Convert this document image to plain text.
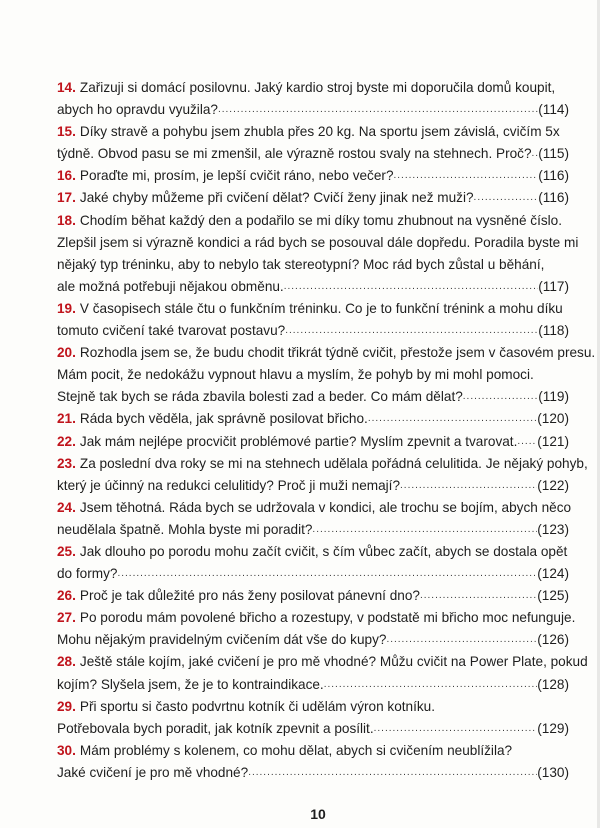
14. Zařizuji si domácí posilovnu. Jaký kardio stroj byste mi doporučila domů koupit,
abych ho opravdu využila? .....	(114)
15. Díky stravě a pohybu jsem zhubla přes 20 kg. Na sportu jsem závislá, cvičím 5x
týdně. Obvod pasu se mi zmenšil, ale výrazně rostou svaly na stehnech. Proč? ..... (115)
16. Poraďte mi, prosím, je lepší cvičit ráno, nebo večer? .....	(116)
17. Jaké chyby můžeme při cvičení dělat? Cvičí ženy jinak než muži? .....	(116)
18. Chodím běhat každý den a podařilo se mi díky tomu zhubnout na vysněné číslo.
Zlepšil jsem si výrazně kondici a rád bych se posouval dále dopředu. Poradila byste mi
nějaký typ tréninku, aby to nebylo tak stereotypní? Moc rád bych zůstal u běhání,
ale možná potřebuji nějakou obměnu. .....	(117)
19. V časopisech stále čtu o funkčním tréninku. Co je to funkční trénink a mohu díku
tomuto cvičení také tvarovat postavu? .....	(118)
20. Rozhodla jsem se, že budu chodit třikrát týdně cvičit, přestože jsem v časovém presu.
Mám pocit, že nedokážu vypnout hlavu a myslím, že pohyb by mi mohl pomoci.
Stejně tak bych se ráda zbavila bolesti zad a beder. Co mám dělat? .....	(119)
21. Ráda bych věděla, jak správně posilovat břicho. .....	(120)
22. Jak mám nejlépe procvičit problémové partie? Myslím zpevnit a tvarovat. ..... (121)
23. Za poslední dva roky se mi na stehnech udělala pořádná celulitida. Je nějaký pohyb,
který je účinný na redukci celulitidy? Proč ji muži nemají? .....	(122)
24. Jsem těhotná. Ráda bych se udržovala v kondici, ale trochu se bojím, abych něco
neudělala špatně. Mohla byste mi poradit? .....	(123)
25. Jak dlouho po porodu mohu začít cvičit, s čím vůbec začít, abych se dostala opět
do formy? .....	(124)
26. Proč je tak důležité pro nás ženy posilovat pánevní dno? .....	(125)
27. Po porodu mám povolené břicho a rozestupy, v podstatě mi břicho moc nefunguje.
Mohu nějakým pravidelným cvičením dát vše do kupy? .....	(126)
28. Ještě stále kojím, jaké cvičení je pro mě vhodné? Můžu cvičit na Power Plate, pokud
kojím? Slyšela jsem, že je to kontraindikace. .....	(128)
29. Při sportu si často podvrtnu kotník či udělám výron kotníku.
Potřebovala bych poradit, jak kotník zpevnit a posílit. .....	(129)
30. Mám problémy s kolenem, co mohu dělat, abych si cvičením neublížila?
Jaké cvičení je pro mě vhodné? .....	(130)
10
